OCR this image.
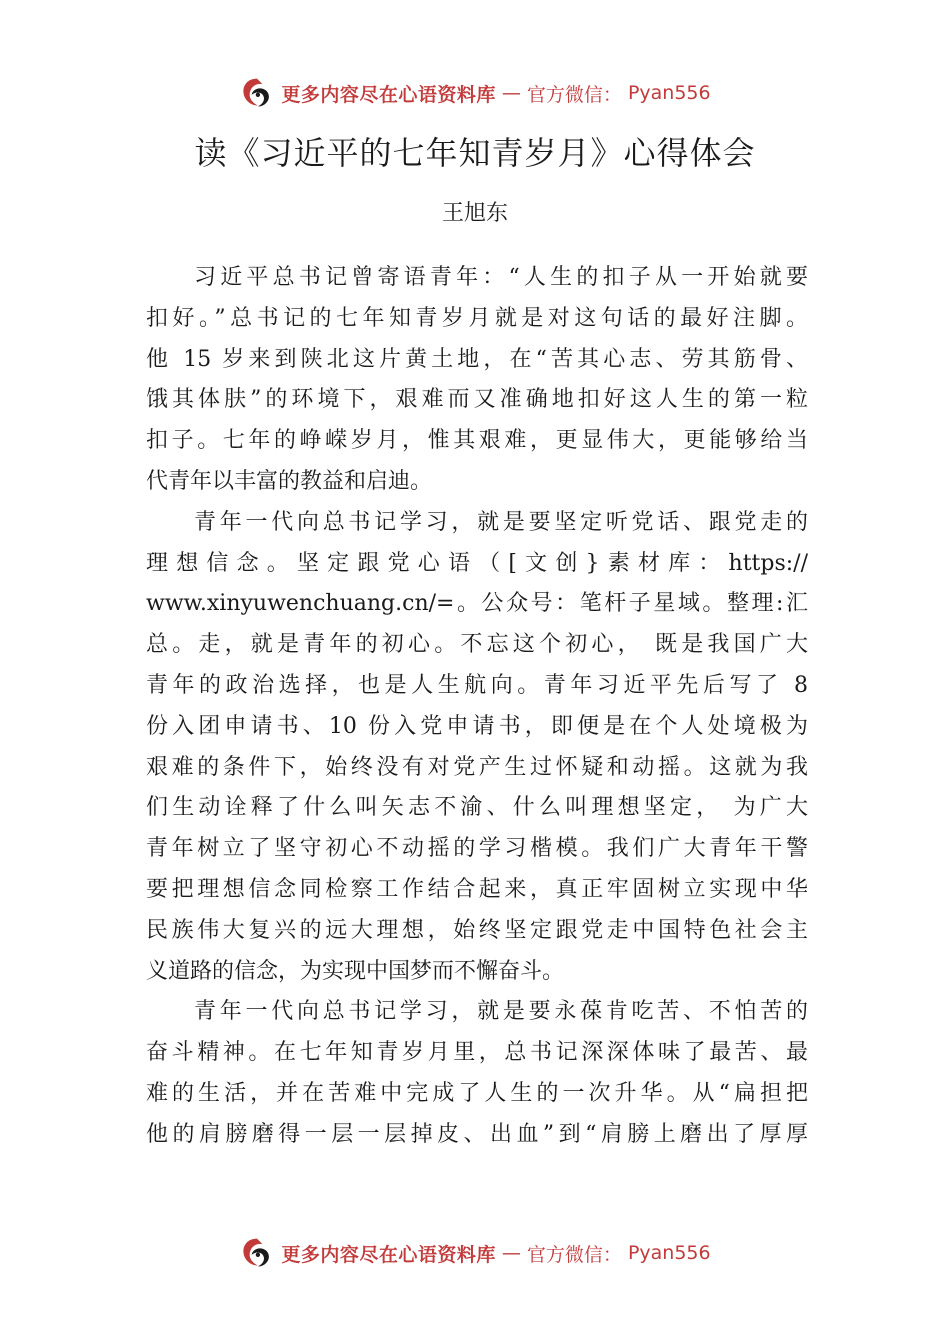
更多内容尽在心语资料库 — 官方微信： Pyan556
读《习近平的七年知青岁月》心得体会
王旭东
习近平总书记曾寄语青年：“人生的扣子从一开始就要
扣好。”总书记的七年知青岁月就是对这句话的最好注脚。
他 15 岁来到陕北这片黄土地，在“苦其心志、劳其筋骨、
饿其体肤”的环境下，艰难而又准确地扣好这人生的第一粒
扣子。七年的峥嵘岁月，惟其艰难，更显伟大，更能够给当
代青年以丰富的教益和启迪。
青年一代向总书记学习，就是要坚定听党话、跟党走的
理想信念。坚定跟党心语（[文创}素材库：https://
www.xinyuwenchuang.cn/=。公众号：笔杆子星域。整理:汇
总。走，就是青年的初心。不忘这个初心， 既是我国广大
青年的政治选择，也是人生航向。青年习近平先后写了 8
份入团申请书、10 份入党申请书，即便是在个人处境极为
艰难的条件下，始终没有对党产生过怀疑和动摇。这就为我
们生动诠释了什么叫矢志不渝、什么叫理想坚定， 为广大
青年树立了坚守初心不动摇的学习楷模。我们广大青年干警
要把理想信念同检察工作结合起来，真正牢固树立实现中华
民族伟大复兴的远大理想，始终坚定跟党走中国特色社会主
义道路的信念，为实现中国梦而不懈奋斗。
青年一代向总书记学习，就是要永葆肯吃苦、不怕苦的
奋斗精神。在七年知青岁月里，总书记深深体味了最苦、最
难的生活，并在苦难中完成了人生的一次升华。从“扁担把
他的肩膀磨得一层一层掉皮、出血”到“肩膀上磨出了厚厚
更多内容尽在心语资料库 — 官方微信： Pyan556
